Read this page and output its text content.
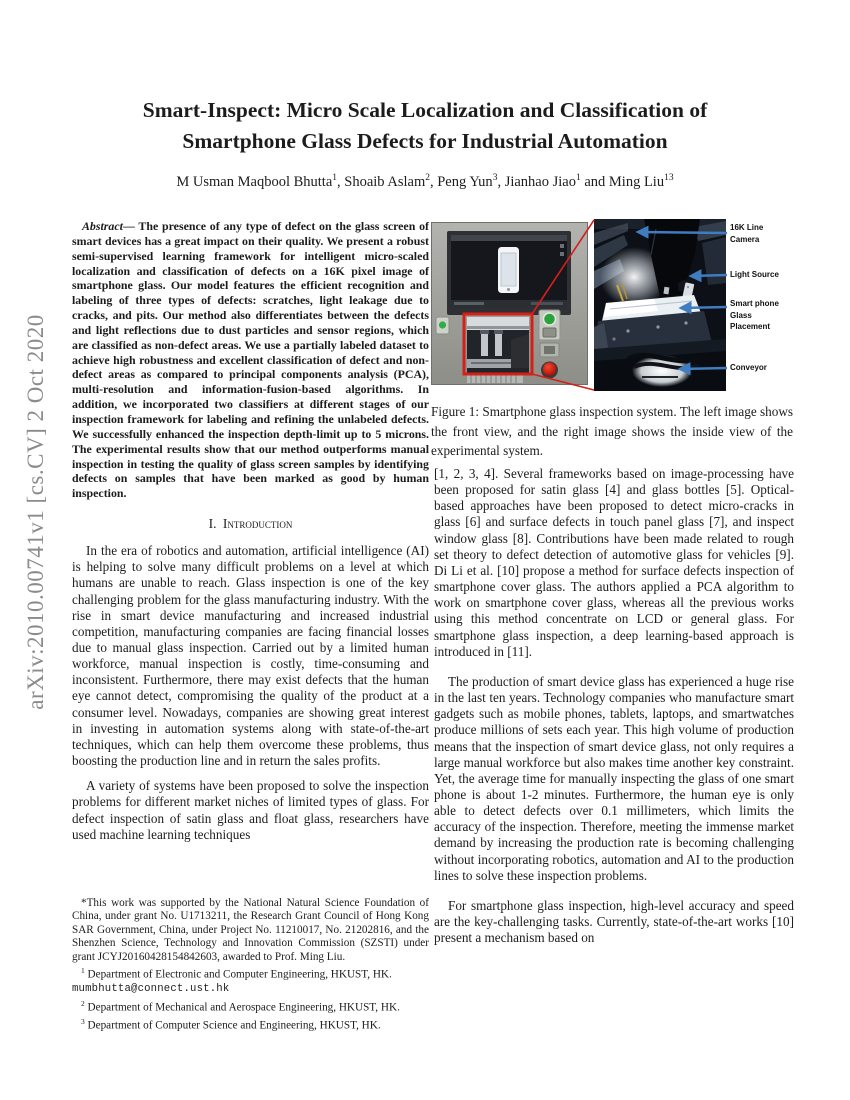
arXiv:2010.00741v1 [cs.CV] 2 Oct 2020
Smart-Inspect: Micro Scale Localization and Classification of
Smartphone Glass Defects for Industrial Automation
M Usman Maqbool Bhutta$^1$, Shoaib Aslam$^2$, Peng Yun$^3$, Jianhao Jiao$^1$ and Ming Liu$^{13}$

Abstract— The presence of any type of defect on the glass screen of smart devices has a great impact on their quality. We present a robust semi-supervised learning framework for intelligent micro-scaled localization and classification of defects on a 16K pixel image of smartphone glass. Our model features the efficient recognition and labeling of three types of defects: scratches, light leakage due to cracks, and pits. Our method also differentiates between the defects and light reflections due to dust particles and sensor regions, which are classified as non-defect areas. We use a partially labeled dataset to achieve high robustness and excellent classification of defect and non-defect areas as compared to principal components analysis (PCA), multi-resolution and information-fusion-based algorithms. In addition, we incorporated two classifiers at different stages of our inspection framework for labeling and refining the unlabeled defects. We successfully enhanced the inspection depth-limit up to 5 microns. The experimental results show that our method outperforms manual inspection in testing the quality of glass screen samples by identifying defects on samples that have been marked as good by human inspection.

I. Introduction

In the era of robotics and automation, artificial intelligence (AI) is helping to solve many difficult problems on a level at which humans are unable to reach. Glass inspection is one of the key challenging problem for the glass manufacturing industry. With the rise in smart device manufacturing and increased industrial competition, manufacturing companies are facing financial losses due to manual glass inspection. Carried out by a limited human workforce, manual inspection is costly, time-consuming and inconsistent. Furthermore, there may exist defects that the human eye cannot detect, compromising the quality of the product at a consumer level. Nowadays, companies are showing great interest in investing in automation systems along with state-of-the-art techniques, which can help them overcome these problems, thus boosting the production line and in return the sales profits.

A variety of systems have been proposed to solve the inspection problems for different market niches of limited types of glass. For defect inspection of satin glass and float glass, researchers have used machine learning techniques

*This work was supported by the National Natural Science Foundation of China, under grant No. U1713211, the Research Grant Council of Hong Kong SAR Government, China, under Project No. 11210017, No. 21202816, and the Shenzhen Science, Technology and Innovation Commission (SZSTI) under grant JCYJ20160428154842603, awarded to Prof. Ming Liu.

$^1$ Department of Electronic and Computer Engineering, HKUST, HK.
mumbhutta@connect.ust.hk

$^2$ Department of Mechanical and Aerospace Engineering, HKUST, HK.

$^3$ Department of Computer Science and Engineering, HKUST, HK.

16K Line
Camera
Light Source
Smart phone
Glass
Placement
Conveyor

Figure 1: Smartphone glass inspection system. The left image shows the front view, and the right image shows the inside view of the experimental system.

[1, 2, 3, 4]. Several frameworks based on image-processing have been proposed for satin glass [4] and glass bottles [5]. Optical-based approaches have been proposed to detect micro-cracks in glass [6] and surface defects in touch panel glass [7], and inspect window glass [8]. Contributions have been made related to rough set theory to defect detection of automotive glass for vehicles [9]. Di Li et al. [10] propose a method for surface defects inspection of smartphone cover glass. The authors applied a PCA algorithm to work on smartphone cover glass, whereas all the previous works using this method concentrate on LCD or general glass. For smartphone glass inspection, a deep learning-based approach is introduced in [11].

The production of smart device glass has experienced a huge rise in the last ten years. Technology companies who manufacture smart gadgets such as mobile phones, tablets, laptops, and smartwatches produce millions of sets each year. This high volume of production means that the inspection of smart device glass, not only requires a large manual workforce but also makes time another key constraint. Yet, the average time for manually inspecting the glass of one smart phone is about 1-2 minutes. Furthermore, the human eye is only able to detect defects over 0.1 millimeters, which limits the accuracy of the inspection. Therefore, meeting the immense market demand by increasing the production rate is becoming challenging without incorporating robotics, automation and AI to the production lines to solve these inspection problems.

For smartphone glass inspection, high-level accuracy and speed are the key-challenging tasks. Currently, state-of-the-art works [10] present a mechanism based on
